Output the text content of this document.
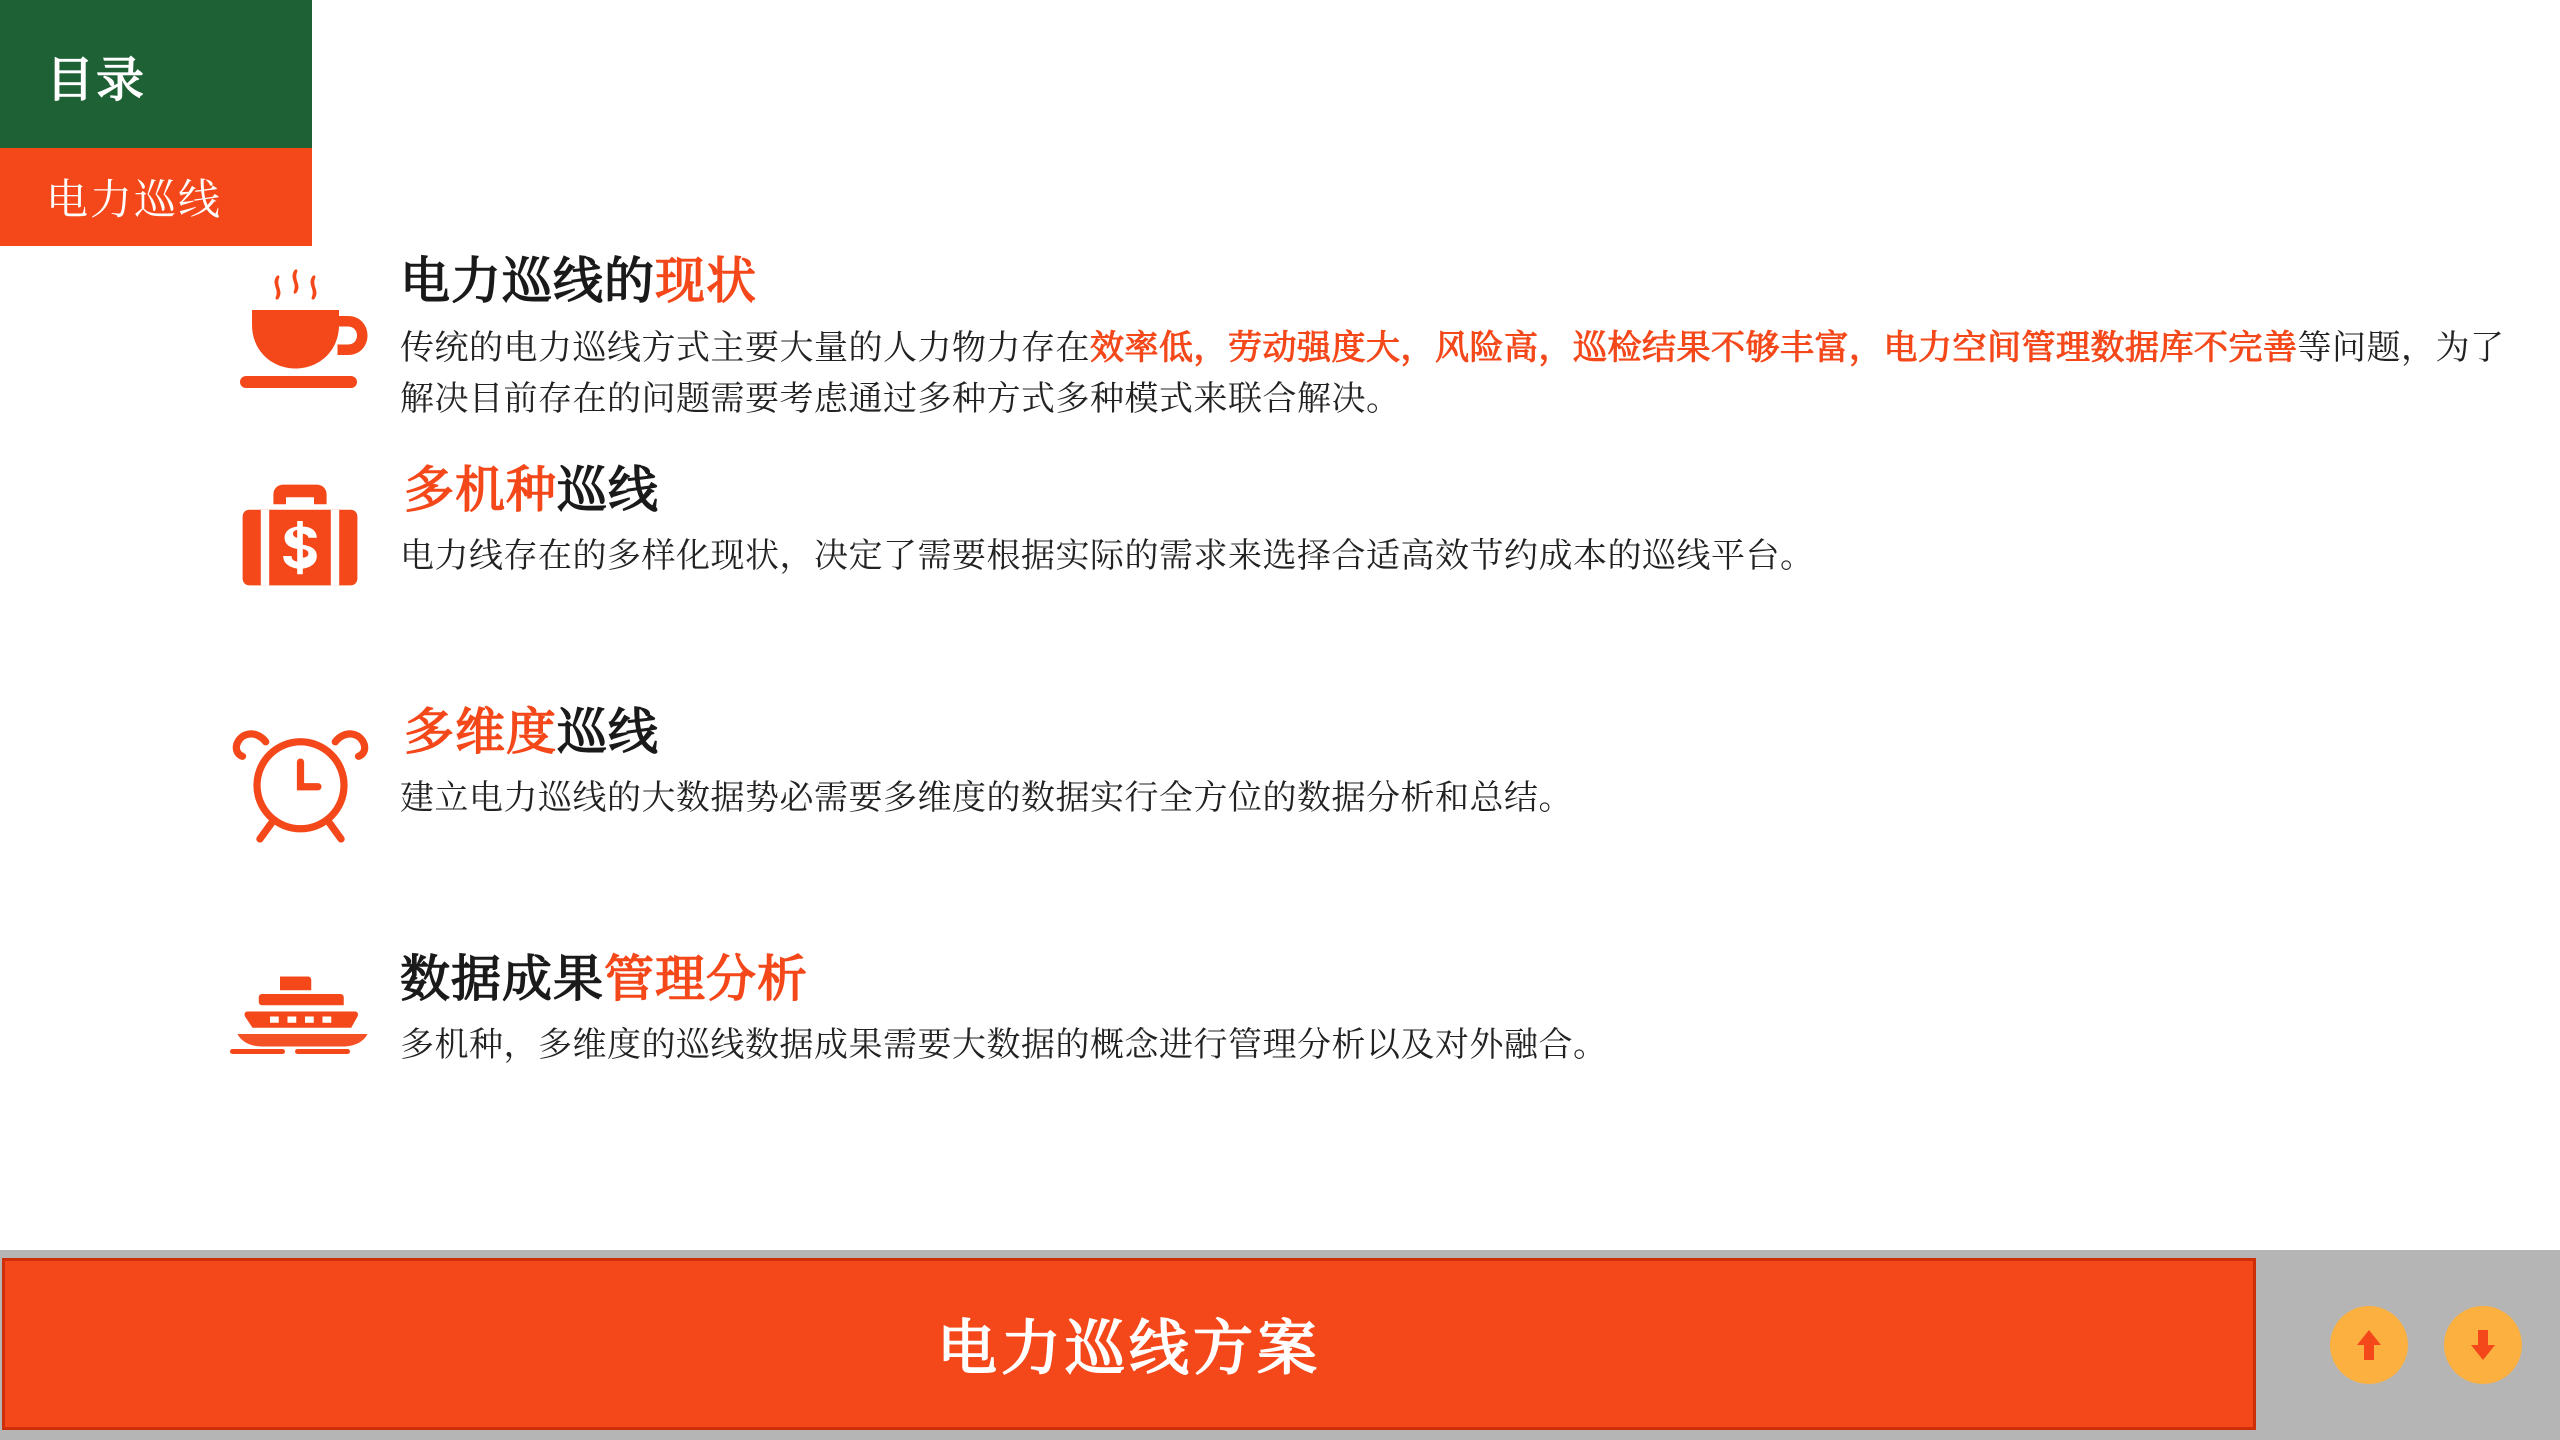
目录
电力巡线
电力巡线的现状
传统的电力巡线方式主要大量的人力物力存在效率低，劳动强度大，风险高，巡检结果不够丰富，电力空间管理数据库不完善等问题，为了解决目前存在的问题需要考虑通过多种方式多种模式来联合解决。
多机种巡线
电力线存在的多样化现状，决定了需要根据实际的需求来选择合适高效节约成本的巡线平台。
多维度巡线
建立电力巡线的大数据势必需要多维度的数据实行全方位的数据分析和总结。
数据成果管理分析
多机种，多维度的巡线数据成果需要大数据的概念进行管理分析以及对外融合。
电力巡线方案
